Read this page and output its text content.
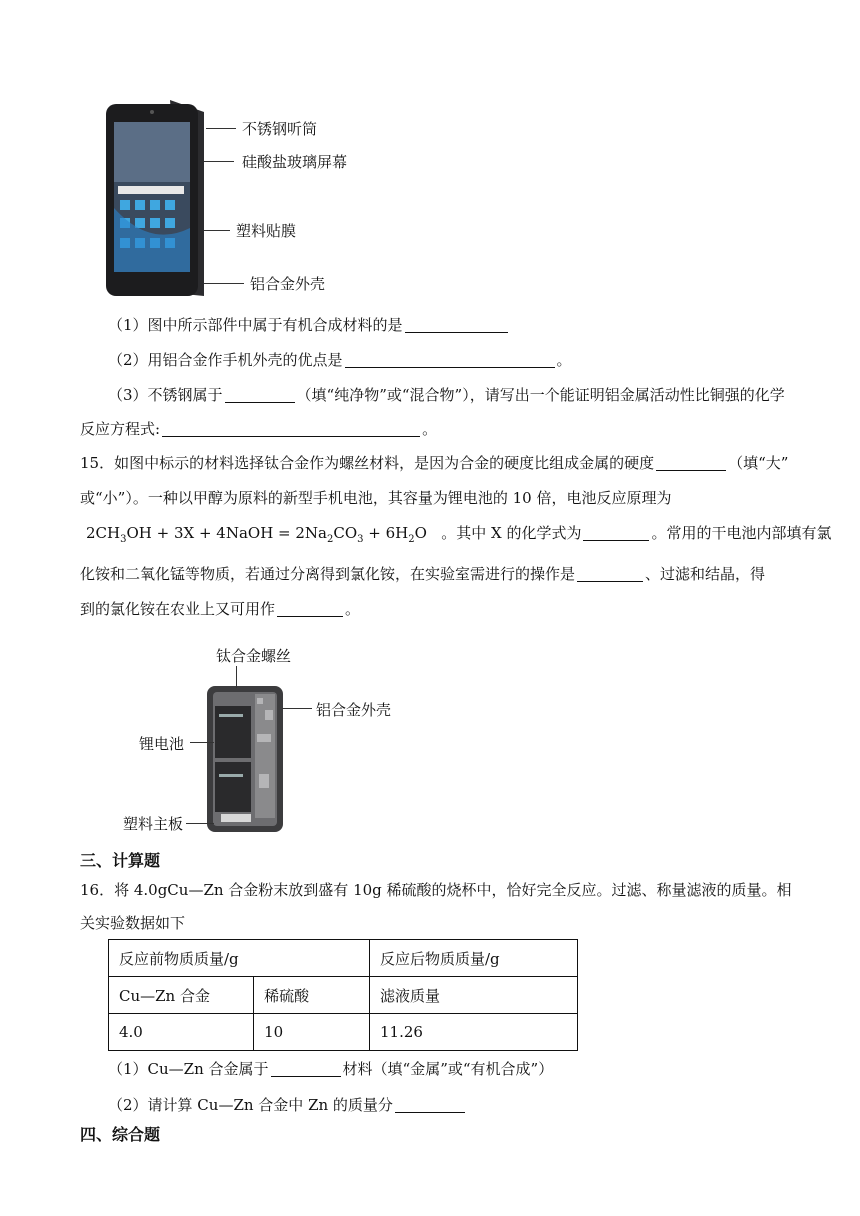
不锈钢听筒
硅酸盐玻璃屏幕
塑料贴膜
铝合金外壳
（1）图中所示部件中属于有机合成材料的是
（2）用铝合金作手机外壳的优点是	。
（3）不锈钢属于	（填“纯净物”或“混合物”），请写出一个能证明铝金属活动性比铜强的化学
反应方程式:	。
15．如图中标示的材料选择钛合金作为螺丝材料，是因为合金的硬度比组成金属的硬度	（填“大”
或“小”）。一种以甲醇为原料的新型手机电池，其容量为锂电池的 10 倍，电池反应原理为
$2CH_3OH + 3X$ + 4NaOH = $2Na_2CO_3 + 6H_2O$ 。其中 X 的化学式为	。常用的干电池内部填有氯
化铵和二氧化锰等物质，若通过分离得到氯化铵，在实验室需进行的操作是	、过滤和结晶，得
到的氯化铵在农业上又可用作	。
钛合金螺丝
铝合金外壳
锂电池
塑料主板
三、计算题
16．将 4.0gCu—Zn 合金粉末放到盛有 10g 稀硫酸的烧杯中，恰好完全反应。过滤、称量滤液的质量。相
关实验数据如下
反应前物质质量/g		反应后物质质量/g
Cu—Zn 合金	稀硫酸	滤液质量
4.0	10	11.26
（1）Cu—Zn 合金属于	材料（填“金属”或“有机合成”）
（2）请计算 Cu—Zn 合金中 Zn 的质量分
四、综合题
